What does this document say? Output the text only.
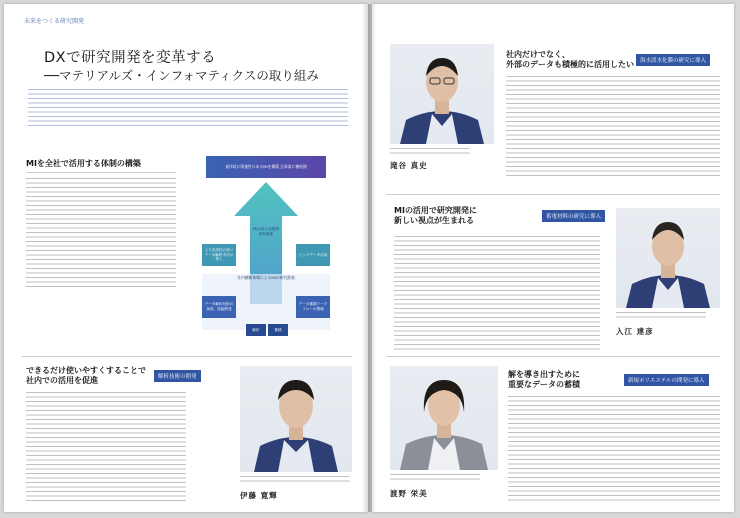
未来をつくる研究開発
DXで研究開発を変革する
──マテリアルズ・インフォマティクスの取り組み
MIを全社で活用する体制の構築	東洋紡に関連性のあるMIを構築 全事業に横展開
MI活用の成果事例を提案
社内横断体制によるMIの研究推進
より汎用性の高いデータ解析手法の導入
ビッグデータ活用
データ解析技術の探索、技能開発
データ蓄積ワークフローの整備
解析	蓄積
できるだけ使いやすくすることで
社内での活用を促進	解析技術の開発
伊藤 寛輝
滝谷 真史
社内だけでなく、
外部のデータも積極的に活用したい	海水淡水化膜の研究に導入
MIの活用で研究開発に
新しい視点が生まれる	蓄電材料の研究に導入
入江 達彦
渡野 栄美
解を導き出すために
重要なデータの蓄積	新規ポリエステルの開発に導入
